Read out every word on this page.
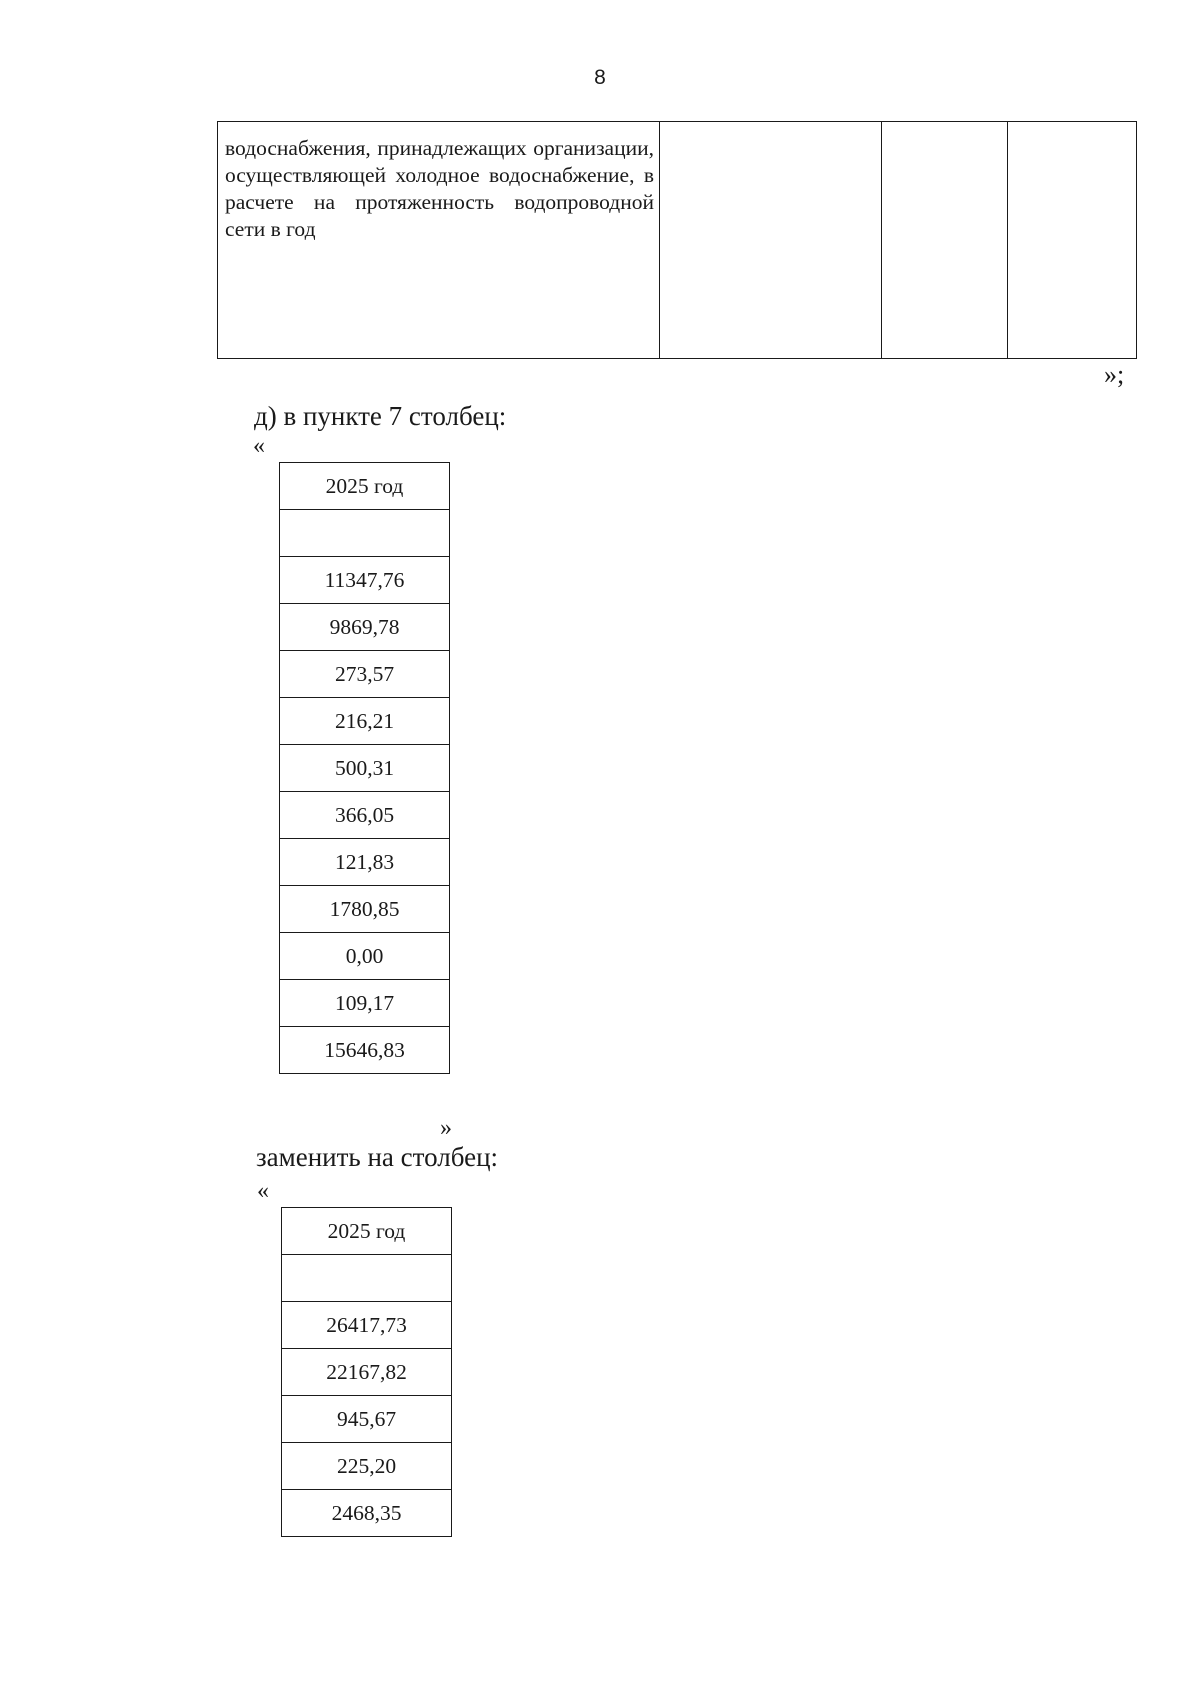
8
водоснабжения, принадлежащих организации, осуществляющей холодное водоснабжение, в расчете на протяженность водопроводной сети в год

»;
д) в пункте 7 столбец:
«
2025 год

11347,76
9869,78
273,57
216,21
500,31
366,05
121,83
1780,85
0,00
109,17
15646,83
»
заменить на столбец:
«
2025 год

26417,73
22167,82
945,67
225,20
2468,35
